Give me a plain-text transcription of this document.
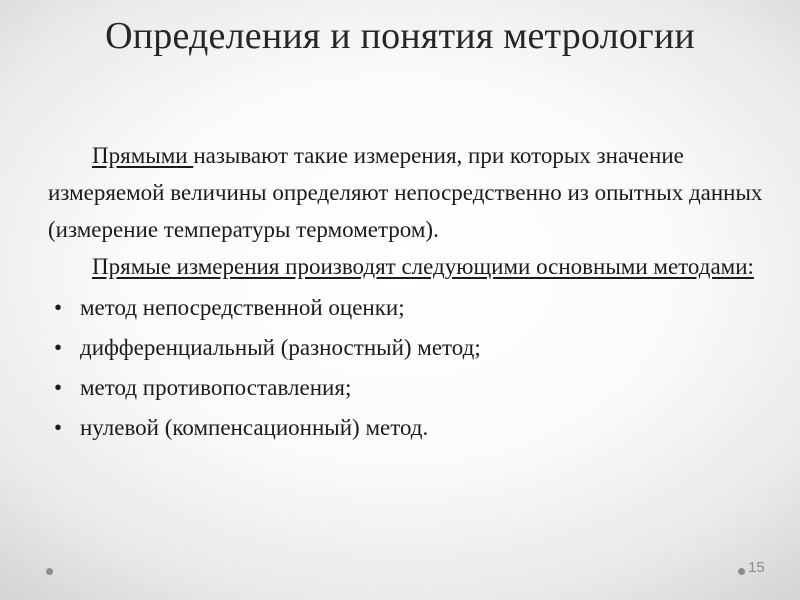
Определения и понятия метрологии

Прямыми называют такие измерения, при которых значение измеряемой величины определяют непосредственно из опытных данных (измерение температуры термометром).

Прямые измерения производят следующими основными методами:

• метод непосредственной оценки;
• дифференциальный (разностный) метод;
• метод противопоставления;
• нулевой (компенсационный) метод.
15
